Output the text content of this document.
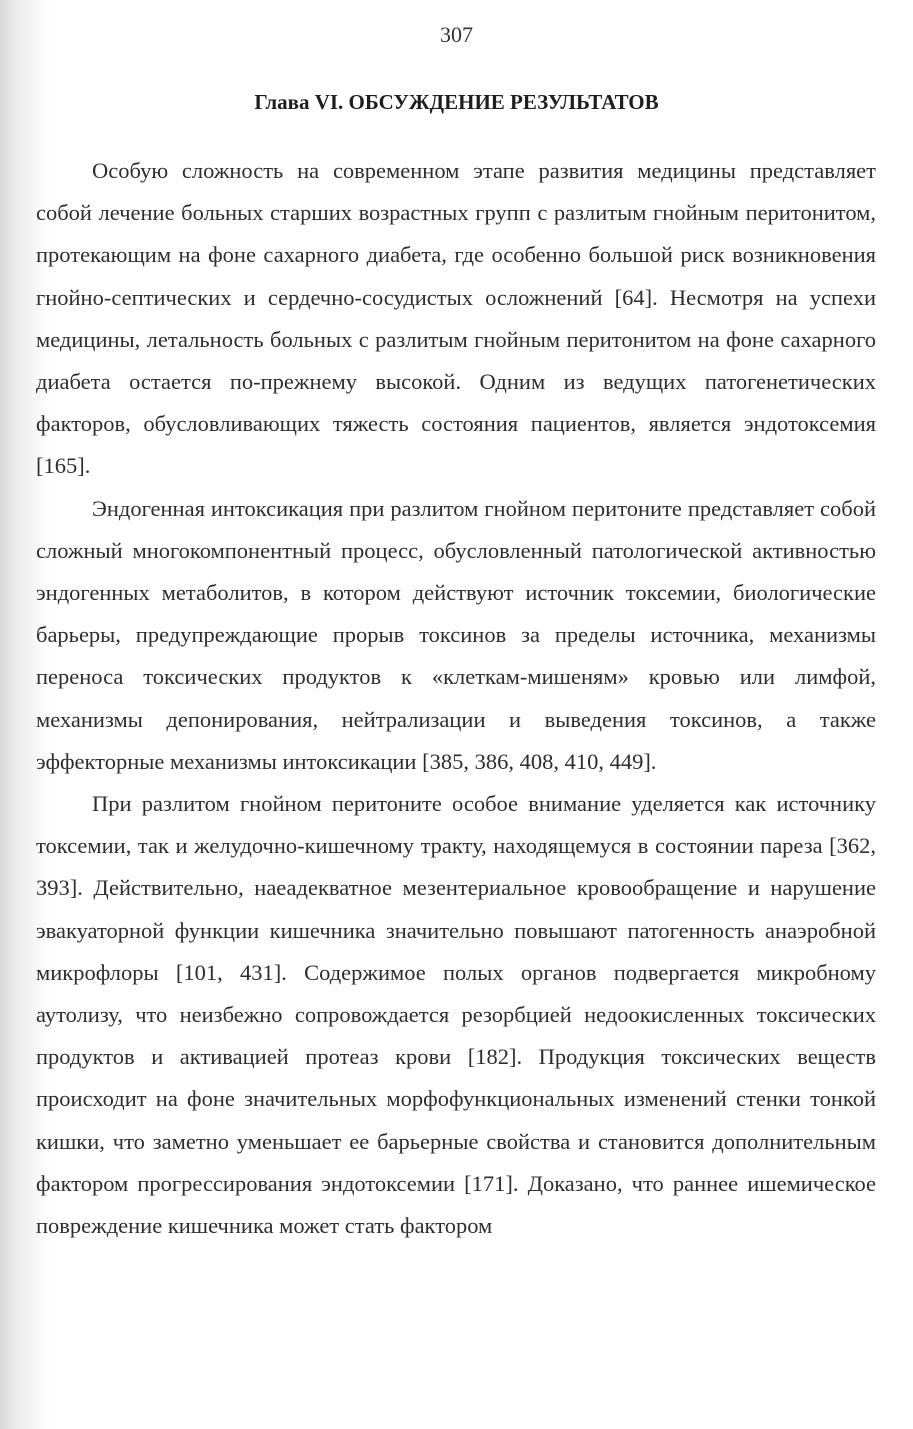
307
Глава VI. ОБСУЖДЕНИЕ РЕЗУЛЬТАТОВ

Особую сложность на современном этапе развития медицины представляет собой лечение больных старших возрастных групп с разлитым гнойным перитонитом, протекающим на фоне сахарного диабета, где особенно большой риск возникновения гнойно-септических и сердечно-сосудистых осложнений [64]. Несмотря на успехи медицины, летальность больных с разлитым гнойным перитонитом на фоне сахарного диабета остается по-прежнему высокой. Одним из ведущих патогенетических факторов, обусловливающих тяжесть состояния пациентов, является эндотоксемия [165].

Эндогенная интоксикация при разлитом гнойном перитоните представляет собой сложный многокомпонентный процесс, обусловленный патологической активностью эндогенных метаболитов, в котором действуют источник токсемии, биологические барьеры, предупреждающие прорыв токсинов за пределы источника, механизмы переноса токсических продуктов к «клеткам-мишеням» кровью или лимфой, механизмы депонирования, нейтрализации и выведения токсинов, а также эффекторные механизмы интоксикации [385, 386, 408, 410, 449].

При разлитом гнойном перитоните особое внимание уделяется как источнику токсемии, так и желудочно-кишечному тракту, находящемуся в состоянии пареза [362, 393]. Действительно, наеадекватное мезентериальное кровообращение и нарушение эвакуаторной функции кишечника значительно повышают патогенность анаэробной микрофлоры [101, 431]. Содержимое полых органов подвергается микробному аутолизу, что неизбежно сопровождается резорбцией недоокисленных токсических продуктов и активацией протеаз крови [182]. Продукция токсических веществ происходит на фоне значительных морфофункциональных изменений стенки тонкой кишки, что заметно уменьшает ее барьерные свойства и становится дополнительным фактором прогрессирования эндотоксемии [171]. Доказано, что раннее ишемическое повреждение кишечника может стать фактором
